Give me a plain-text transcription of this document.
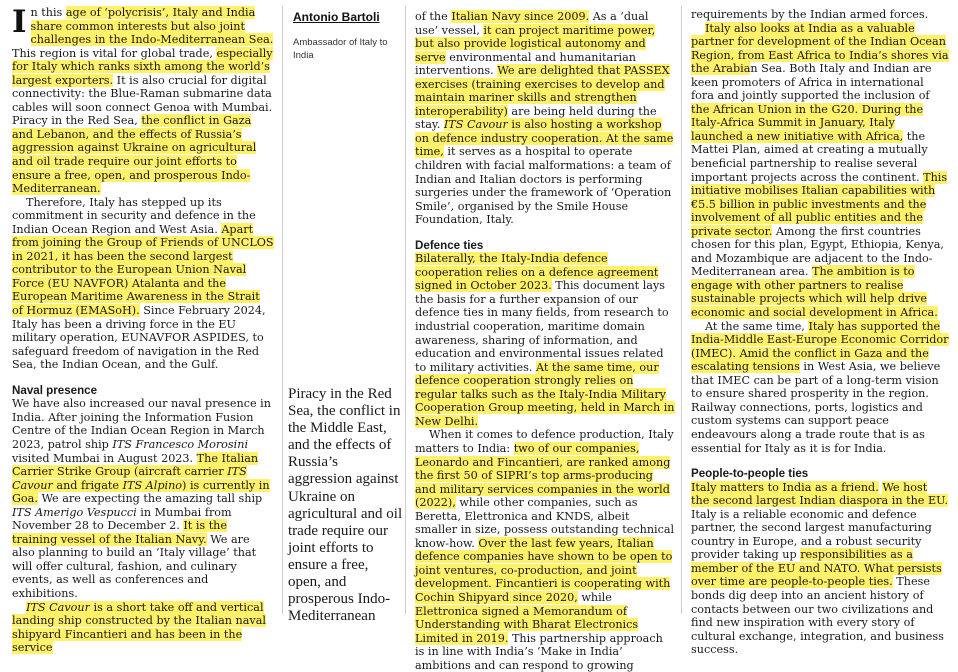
In this age of ‘polycrisis’, Italy and India share common interests but also joint challenges in the Indo-Mediterranean Sea. This region is vital for global trade, especially for Italy which ranks sixth among the world’s largest exporters. It is also crucial for digital connectivity: the Blue-Raman submarine data cables will soon connect Genoa with Mumbai. Piracy in the Red Sea, the conflict in Gaza and Lebanon, and the effects of Russia’s aggression against Ukraine on agricultural and oil trade require our joint efforts to ensure a free, open, and prosperous Indo-Mediterranean.

Therefore, Italy has stepped up its commitment in security and defence in the Indian Ocean Region and West Asia. Apart from joining the Group of Friends of UNCLOS in 2021, it has been the second largest contributor to the European Union Naval Force (EU NAVFOR) Atalanta and the European Maritime Awareness in the Strait of Hormuz (EMASoH). Since February 2024, Italy has been a driving force in the EU military operation, EUNAVFOR ASPIDES, to safeguard freedom of navigation in the Red Sea, the Indian Ocean, and the Gulf.

Naval presence

We have also increased our naval presence in India. After joining the Information Fusion Centre of the Indian Ocean Region in March 2023, patrol ship ITS Francesco Morosini visited Mumbai in August 2023. The Italian Carrier Strike Group (aircraft carrier ITS Cavour and frigate ITS Alpino) is currently in Goa. We are expecting the amazing tall ship ITS Amerigo Vespucci in Mumbai from November 28 to December 2. It is the training vessel of the Italian Navy. We are also planning to build an ‘Italy village’ that will offer cultural, fashion, and culinary events, as well as conferences and exhibitions.

ITS Cavour is a short take off and vertical landing ship constructed by the Italian naval shipyard Fincantieri and has been in the service

Antonio Bartoli
Ambassador of Italy to India

Piracy in the Red Sea, the conflict in the Middle East, and the effects of Russia’s aggression against Ukraine on agricultural and oil trade require our joint efforts to ensure a free, open, and prosperous Indo-Mediterranean

of the Italian Navy since 2009. As a ‘dual use’ vessel, it can project maritime power, but also provide logistical autonomy and serve environmental and humanitarian interventions. We are delighted that PASSEX exercises (training exercises to develop and maintain mariner skills and strengthen interoperability) are being held during the stay. ITS Cavour is also hosting a workshop on defence industry cooperation. At the same time, it serves as a hospital to operate children with facial malformations: a team of Indian and Italian doctors is performing surgeries under the framework of ‘Operation Smile’, organised by the Smile House Foundation, Italy.

Defence ties

Bilaterally, the Italy-India defence cooperation relies on a defence agreement signed in October 2023. This document lays the basis for a further expansion of our defence ties in many fields, from research to industrial cooperation, maritime domain awareness, sharing of information, and education and environmental issues related to military activities. At the same time, our defence cooperation strongly relies on regular talks such as the Italy-India Military Cooperation Group meeting, held in March in New Delhi.

When it comes to defence production, Italy matters to India: two of our companies, Leonardo and Fincantieri, are ranked among the first 50 of SIPRI’s top arms-producing and military services companies in the world (2022), while other companies, such as Beretta, Elettronica and KNDS, albeit smaller in size, possess outstanding technical know-how. Over the last few years, Italian defence companies have shown to be open to joint ventures, co-production, and joint development. Fincantieri is cooperating with Cochin Shipyard since 2020, while Elettronica signed a Memorandum of Understanding with Bharat Electronics Limited in 2019. This partnership approach is in line with India’s ‘Make in India’ ambitions and can respond to growing

requirements by the Indian armed forces.

Italy also looks at India as a valuable partner for development of the Indian Ocean Region, from East Africa to India’s shores via the Arabian Sea. Both Italy and Indian are keen promoters of Africa in international fora and jointly supported the inclusion of the African Union in the G20. During the Italy-Africa Summit in January, Italy launched a new initiative with Africa, the Mattei Plan, aimed at creating a mutually beneficial partnership to realise several important projects across the continent. This initiative mobilises Italian capabilities with €5.5 billion in public investments and the involvement of all public entities and the private sector. Among the first countries chosen for this plan, Egypt, Ethiopia, Kenya, and Mozambique are adjacent to the Indo-Mediterranean area. The ambition is to engage with other partners to realise sustainable projects which will help drive economic and social development in Africa.

At the same time, Italy has supported the India-Middle East-Europe Economic Corridor (IMEC). Amid the conflict in Gaza and the escalating tensions in West Asia, we believe that IMEC can be part of a long-term vision to ensure shared prosperity in the region. Railway connections, ports, logistics and custom systems can support peace endeavours along a trade route that is as essential for Italy as it is for India.

People-to-people ties

Italy matters to India as a friend. We host the second largest Indian diaspora in the EU. Italy is a reliable economic and defence partner, the second largest manufacturing country in Europe, and a robust security provider taking up responsibilities as a member of the EU and NATO. What persists over time are people-to-people ties. These bonds dig deep into an ancient history of contacts between our two civilizations and find new inspiration with every story of cultural exchange, integration, and business success.
